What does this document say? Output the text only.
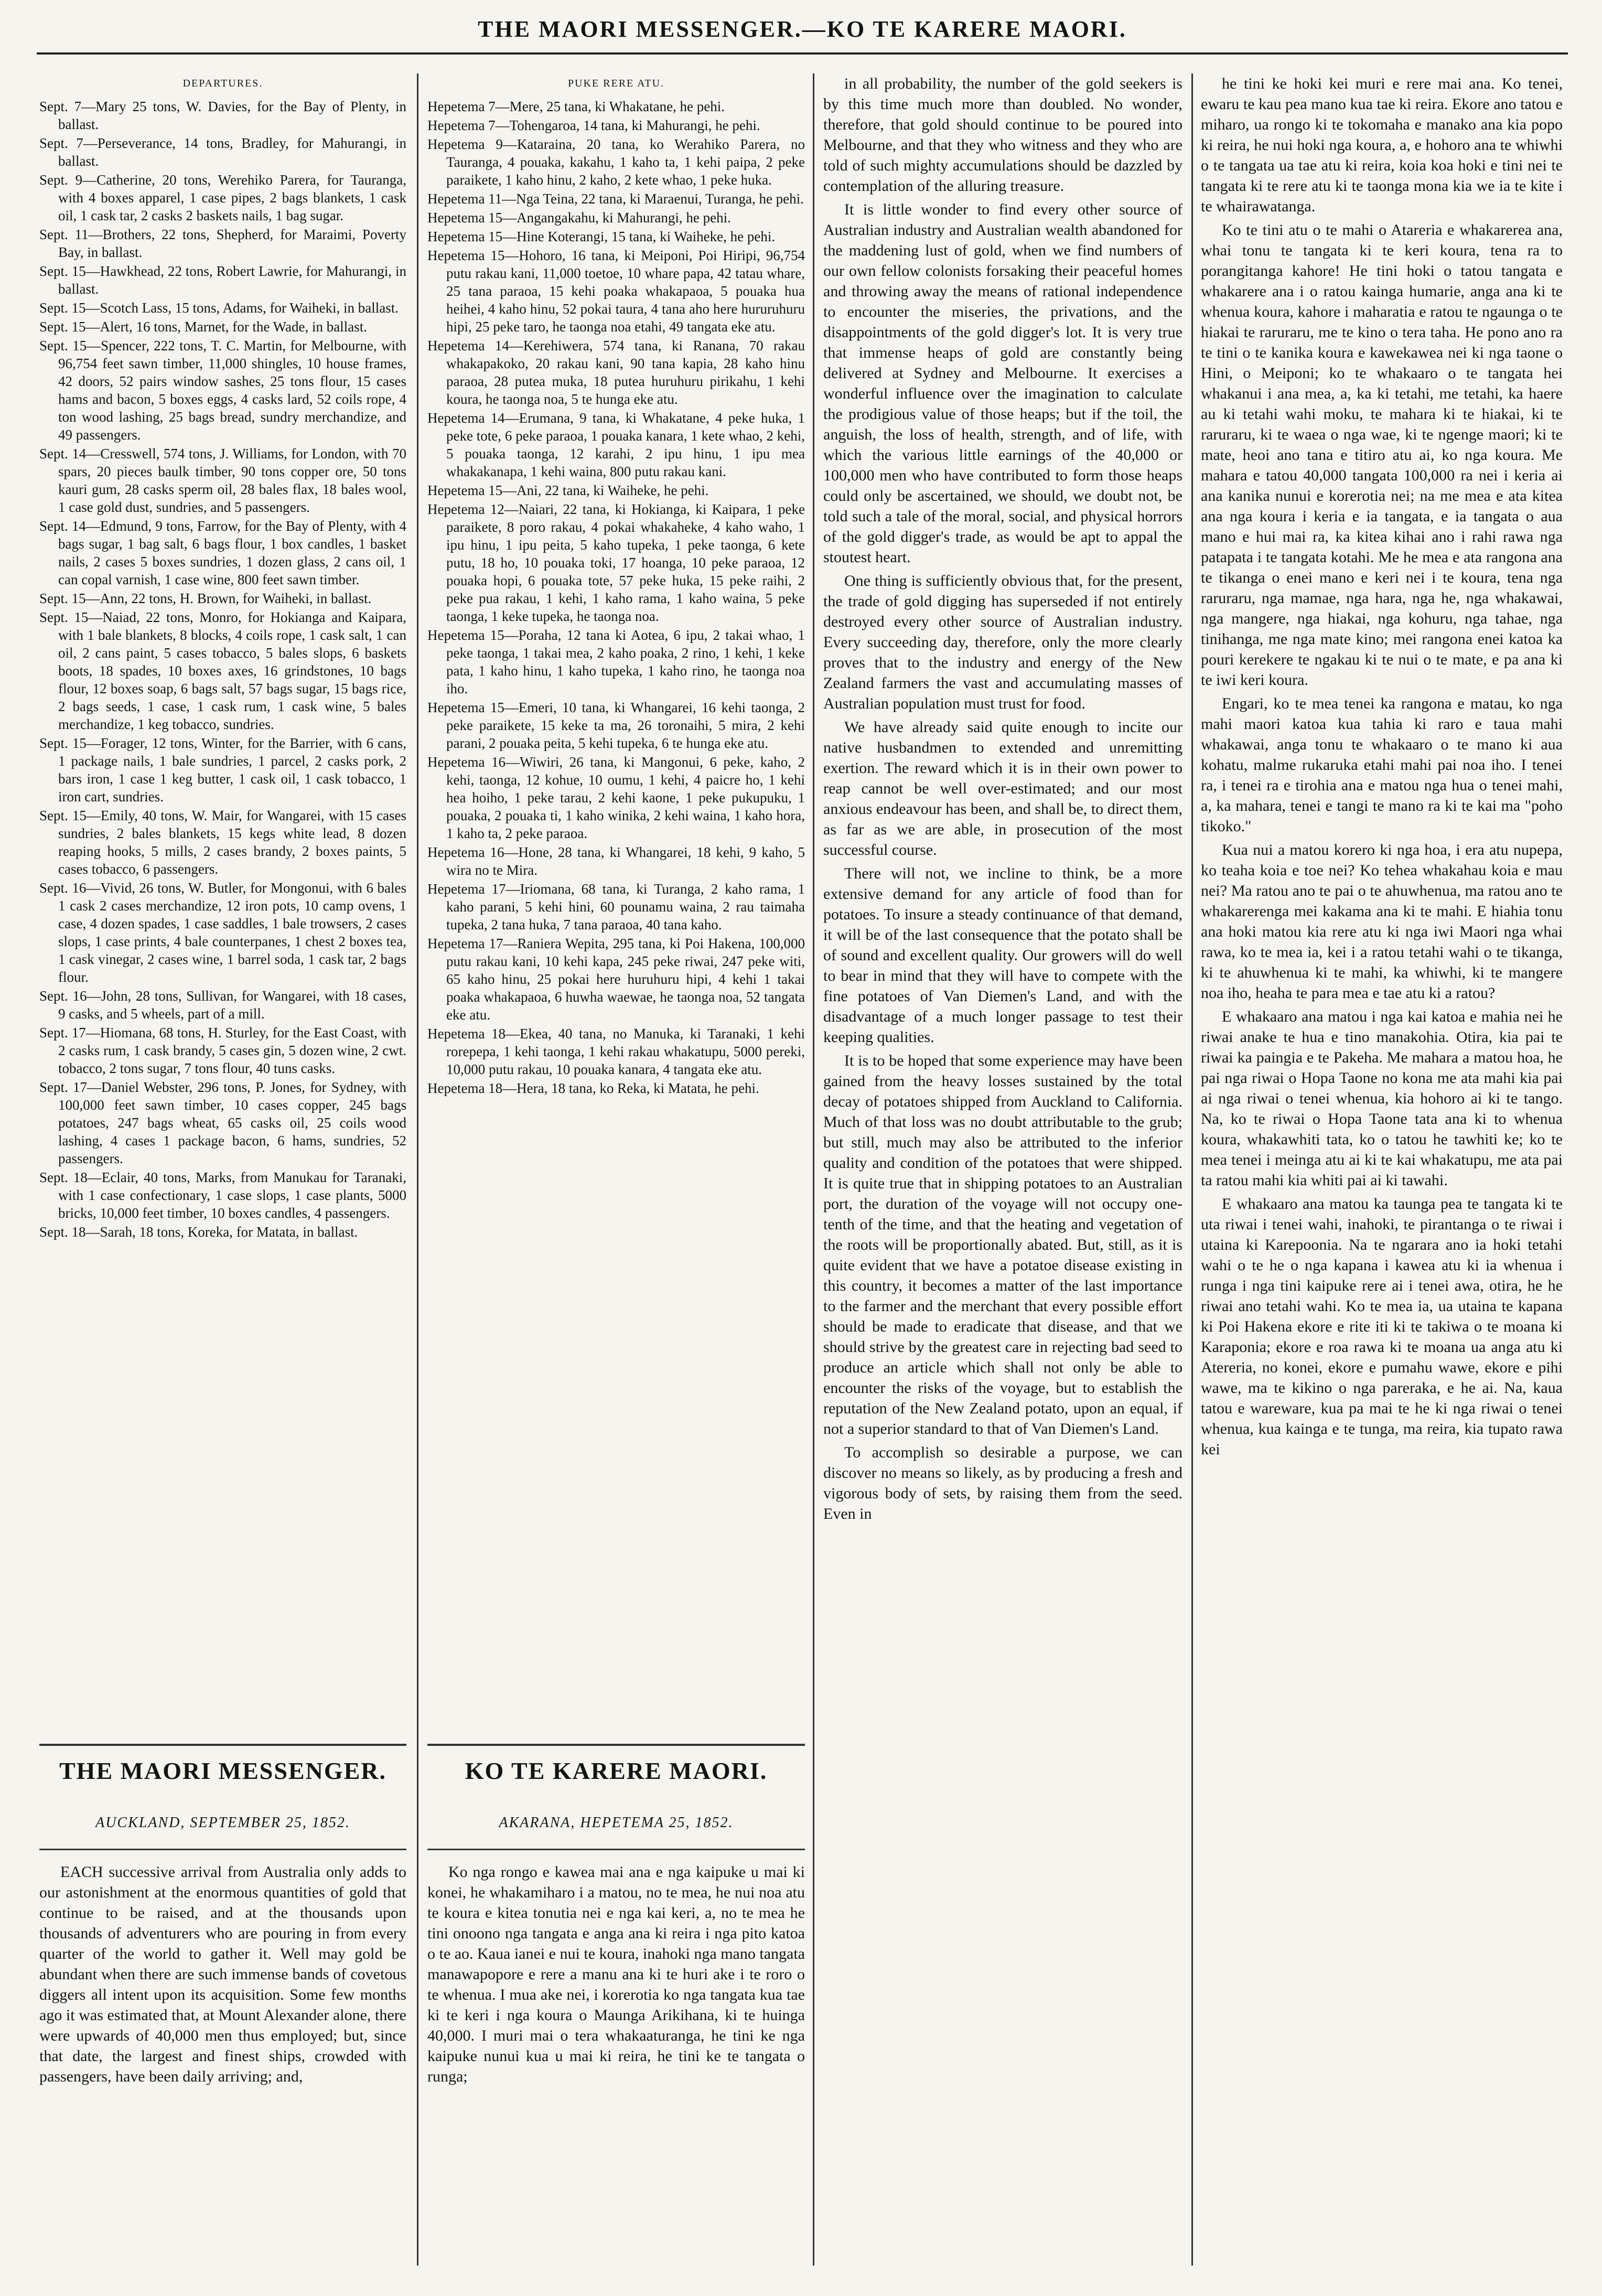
THE MAORI MESSENGER.—KO TE KARERE MAORI.
DEPARTURES.
Sept. 7—Mary 25 tons, W. Davies, for the Bay of Plenty, in ballast.
Sept. 7—Perseverance, 14 tons, Bradley, for Mahurangi, in ballast.
Sept. 9—Catherine, 20 tons, Werehiko Parera, for Tauranga, with 4 boxes apparel, 1 case pipes, 2 bags blankets, 1 cask oil, 1 cask tar, 2 casks 2 baskets nails, 1 bag sugar.
Sept. 11—Brothers, 22 tons, Shepherd, for Maraimi, Poverty Bay, in ballast.
Sept. 15—Hawkhead, 22 tons, Robert Lawrie, for Mahurangi, in ballast.
Sept. 15—Scotch Lass, 15 tons, Adams, for Waiheki, in ballast.
Sept. 15—Alert, 16 tons, Marnet, for the Wade, in ballast.
Sept. 15—Spencer, 222 tons, T. C. Martin, for Melbourne, with 96,754 feet sawn timber, 11,000 shingles, 10 house frames, 42 doors, 52 pairs window sashes, 25 tons flour, 15 cases hams and bacon, 5 boxes eggs, 4 casks lard, 52 coils rope, 4 ton wood lashing, 25 bags bread, sundry merchandize, and 49 passengers.
Sept. 14—Cresswell, 574 tons, J. Williams, for London, with 70 spars, 20 pieces baulk timber, 90 tons copper ore, 50 tons kauri gum, 28 casks sperm oil, 28 bales flax, 18 bales wool, 1 case gold dust, sundries, and 5 passengers.
Sept. 14—Edmund, 9 tons, Farrow, for the Bay of Plenty, with 4 bags sugar, 1 bag salt, 6 bags flour, 1 box candles, 1 basket nails, 2 cases 5 boxes sundries, 1 dozen glass, 2 cans oil, 1 can copal varnish, 1 case wine, 800 feet sawn timber.
Sept. 15—Ann, 22 tons, H. Brown, for Waiheki, in ballast.
Sept. 15—Naiad, 22 tons, Monro, for Hokianga and Kaipara, with 1 bale blankets, 8 blocks, 4 coils rope, 1 cask salt, 1 can oil, 2 cans paint, 5 cases tobacco, 5 bales slops, 6 baskets boots, 18 spades, 10 boxes axes, 16 grindstones, 10 bags flour, 12 boxes soap, 6 bags salt, 57 bags sugar, 15 bags rice, 2 bags seeds, 1 case, 1 cask rum, 1 cask wine, 5 bales merchandize, 1 keg tobacco, sundries.
Sept. 15—Forager, 12 tons, Winter, for the Barrier, with 6 cans, 1 package nails, 1 bale sundries, 1 parcel, 2 casks pork, 2 bars iron, 1 case 1 keg butter, 1 cask oil, 1 cask tobacco, 1 iron cart, sundries.
Sept. 15—Emily, 40 tons, W. Mair, for Wangarei, with 15 cases sundries, 2 bales blankets, 15 kegs white lead, 8 dozen reaping hooks, 5 mills, 2 cases brandy, 2 boxes paints, 5 cases tobacco, 6 passengers.
Sept. 16—Vivid, 26 tons, W. Butler, for Mongonui, with 6 bales 1 cask 2 cases merchandize, 12 iron pots, 10 camp ovens, 1 case, 4 dozen spades, 1 case saddles, 1 bale trowsers, 2 cases slops, 1 case prints, 4 bale counterpanes, 1 chest 2 boxes tea, 1 cask vinegar, 2 cases wine, 1 barrel soda, 1 cask tar, 2 bags flour.
Sept. 16—John, 28 tons, Sullivan, for Wangarei, with 18 cases, 9 casks, and 5 wheels, part of a mill.
Sept. 17—Hiomana, 68 tons, H. Sturley, for the East Coast, with 2 casks rum, 1 cask brandy, 5 cases gin, 5 dozen wine, 2 cwt. tobacco, 2 tons sugar, 7 tons flour, 40 tuns casks.
Sept. 17—Daniel Webster, 296 tons, P. Jones, for Sydney, with 100,000 feet sawn timber, 10 cases copper, 245 bags potatoes, 247 bags wheat, 65 casks oil, 25 coils wood lashing, 4 cases 1 package bacon, 6 hams, sundries, 52 passengers.
Sept. 18—Eclair, 40 tons, Marks, from Manukau for Taranaki, with 1 case confectionary, 1 case slops, 1 case plants, 5000 bricks, 10,000 feet timber, 10 boxes candles, 4 passengers.
Sept. 18—Sarah, 18 tons, Koreka, for Matata, in ballast.
PUKE RERE ATU.
Hepetema 7—Mere, 25 tana, ki Whakatane, he pehi.
Hepetema 7—Tohengaroa, 14 tana, ki Mahurangi, he pehi.
Hepetema 9—Kataraina, 20 tana, ko Werahiko Parera, no Tauranga, 4 pouaka, kakahu, 1 kaho ta, 1 kehi paipa, 2 peke paraikete, 1 kaho hinu, 2 kaho, 2 kete whao, 1 peke huka.
Hepetema 11—Nga Teina, 22 tana, ki Maraenui, Turanga, he pehi.
Hepetema 15—Angangakahu, ki Mahurangi, he pehi.
Hepetema 15—Hine Koterangi, 15 tana, ki Waiheke, he pehi.
Hepetema 15—Hohoro, 16 tana, ki Meiponi, Poi Hiripi, 96,754 putu rakau kani, 11,000 toetoe, 10 whare papa, 42 tatau whare, 25 tana paraoa, 15 kehi poaka whakapaoa, 5 pouaka hua heihei, 4 kaho hinu, 52 pokai taura, 4 tana aho here hururuhuru hipi, 25 peke taro, he taonga noa etahi, 49 tangata eke atu.
Hepetema 14—Kerehiwera, 574 tana, ki Ranana, 70 rakau whakapakoko, 20 rakau kani, 90 tana kapia, 28 kaho hinu paraoa, 28 putea muka, 18 putea huruhuru pirikahu, 1 kehi koura, he taonga noa, 5 te hunga eke atu.
Hepetema 14—Erumana, 9 tana, ki Whakatane, 4 peke huka, 1 peke tote, 6 peke paraoa, 1 pouaka kanara, 1 kete whao, 2 kehi, 5 pouaka taonga, 12 karahi, 2 ipu hinu, 1 ipu mea whakakanapa, 1 kehi waina, 800 putu rakau kani.
Hepetema 15—Ani, 22 tana, ki Waiheke, he pehi.
Hepetema 12—Naiari, 22 tana, ki Hokianga, ki Kaipara, 1 peke paraikete, 8 poro rakau, 4 pokai whakaheke, 4 kaho waho, 1 ipu hinu, 1 ipu peita, 5 kaho tupeka, 1 peke taonga, 6 kete putu, 18 ho, 10 pouaka toki, 17 hoanga, 10 peke paraoa, 12 pouaka hopi, 6 pouaka tote, 57 peke huka, 15 peke raihi, 2 peke pua rakau, 1 kehi, 1 kaho rama, 1 kaho waina, 5 peke taonga, 1 keke tupeka, he taonga noa.
Hepetema 15—Poraha, 12 tana ki Aotea, 6 ipu, 2 takai whao, 1 peke taonga, 1 takai mea, 2 kaho poaka, 2 rino, 1 kehi, 1 keke pata, 1 kaho hinu, 1 kaho tupeka, 1 kaho rino, he taonga noa iho.
Hepetema 15—Emeri, 10 tana, ki Whangarei, 16 kehi taonga, 2 peke paraikete, 15 keke ta ma, 26 toronaihi, 5 mira, 2 kehi parani, 2 pouaka peita, 5 kehi tupeka, 6 te hunga eke atu.
Hepetema 16—Wiwiri, 26 tana, ki Mangonui, 6 peke, kaho, 2 kehi, taonga, 12 kohuе, 10 oumu, 1 kehi, 4 paicre ho, 1 kehi hea hoiho, 1 peke tarau, 2 kehi kaone, 1 peke pukupuku, 1 pouaka, 2 pouaka ti, 1 kaho winika, 2 kehi waina, 1 kaho hora, 1 kaho ta, 2 peke paraoa.
Hepetema 16—Hone, 28 tana, ki Whangarei, 18 kehi, 9 kaho, 5 wira no te Mira.
Hepetema 17—Iriomana, 68 tana, ki Turanga, 2 kaho rama, 1 kaho parani, 5 kehi hini, 60 pounamu waina, 2 rau taimaha tupeka, 2 tana huka, 7 tana paraoa, 40 tana kaho.
Hepetema 17—Raniera Wepita, 295 tana, ki Poi Hakena, 100,000 putu rakau kani, 10 kehi kapa, 245 peke riwai, 247 peke witi, 65 kaho hinu, 25 pokai here huruhuru hipi, 4 kehi 1 takai poaka whakapaoa, 6 huwha waewae, he taonga noa, 52 tangata eke atu.
Hepetema 18—Ekea, 40 tana, no Manuka, ki Taranaki, 1 kehi rorepepa, 1 kehi taonga, 1 kehi rakau whakatupu, 5000 pereki, 10,000 putu rakau, 10 pouaka kanara, 4 tangata eke atu.
Hepetema 18—Hera, 18 tana, ko Reka, ki Matata, he pehi.
THE MAORI MESSENGER.
AUCKLAND, SEPTEMBER 25, 1852.
KO TE KARERE MAORI.
AKARANA, HEPETEMA 25, 1852.

EACH successive arrival from Australia only adds to our astonishment at the enormous quantities of gold that continue to be raised, and at the thousands upon thousands of adventurers who are pouring in from every quarter of the world to gather it. Well may gold be abundant when there are such immense bands of covetous diggers all intent upon its acquisition. Some few months ago it was estimated that, at Mount Alexander alone, there were upwards of 40,000 men thus employed; but, since that date, the largest and finest ships, crowded with passengers, have been daily arriving; and,

Ko nga rongo e kawea mai ana e nga kaipuke u mai ki konei, he whakamiharo i a matou, no te mea, he nui noa atu te koura e kitea tonutia nei e nga kai keri, a, no te mea he tini onoono nga tangata e anga ana ki reira i nga pito katoa o te ao. Kaua ianei e nui te koura, inahoki nga mano tangata manawapopore e rere a manu ana ki te huri ake i te roro o te whenua. I mua ake nei, i korerotia ko nga tangata kua tae ki te keri i nga koura o Maunga Arikihana, ki te huinga 40,000. I muri mai o tera whakaaturanga, he tini ke nga kaipuke nunui kua u mai ki reira, he tini ke te tangata o runga;

in all probability, the number of the gold seekers is by this time much more than doubled. No wonder, therefore, that gold should continue to be poured into Melbourne, and that they who witness and they who are told of such mighty accumulations should be dazzled by contemplation of the alluring treasure.

It is little wonder to find every other source of Australian industry and Australian wealth abandoned for the maddening lust of gold, when we find numbers of our own fellow colonists forsaking their peaceful homes and throwing away the means of rational independence to encounter the miseries, the privations, and the disappointments of the gold digger's lot. It is very true that immense heaps of gold are constantly being delivered at Sydney and Melbourne. It exercises a wonderful influence over the imagination to calculate the prodigious value of those heaps; but if the toil, the anguish, the loss of health, strength, and of life, with which the various little earnings of the 40,000 or 100,000 men who have contributed to form those heaps could only be ascertained, we should, we doubt not, be told such a tale of the moral, social, and physical horrors of the gold digger's trade, as would be apt to appal the stoutest heart.

One thing is sufficiently obvious that, for the present, the trade of gold digging has superseded if not entirely destroyed every other source of Australian industry. Every succeeding day, therefore, only the more clearly proves that to the industry and energy of the New Zealand farmers the vast and accumulating masses of Australian population must trust for food.

We have already said quite enough to incite our native husbandmen to extended and unremitting exertion. The reward which it is in their own power to reap cannot be well over-estimated; and our most anxious endeavour has been, and shall be, to direct them, as far as we are able, in prosecution of the most successful course.

There will not, we incline to think, be a more extensive demand for any article of food than for potatoes. To insure a steady continuance of that demand, it will be of the last consequence that the potato shall be of sound and excellent quality. Our growers will do well to bear in mind that they will have to compete with the fine potatoes of Van Diemen's Land, and with the disadvantage of a much longer passage to test their keeping qualities.

It is to be hoped that some experience may have been gained from the heavy losses sustained by the total decay of potatoes shipped from Auckland to California. Much of that loss was no doubt attributable to the grub; but still, much may also be attributed to the inferior quality and condition of the potatoes that were shipped. It is quite true that in shipping potatoes to an Australian port, the duration of the voyage will not occupy one-tenth of the time, and that the heating and vegetation of the roots will be proportionally abated. But, still, as it is quite evident that we have a potatoe disease existing in this country, it becomes a matter of the last importance to the farmer and the merchant that every possible effort should be made to eradicate that disease, and that we should strive by the greatest care in rejecting bad seed to produce an article which shall not only be able to encounter the risks of the voyage, but to establish the reputation of the New Zealand potato, upon an equal, if not a superior standard to that of Van Diemen's Land.

To accomplish so desirable a purpose, we can discover no means so likely, as by producing a fresh and vigorous body of sets, by raising them from the seed. Even in

he tini ke hoki kei muri e rere mai ana. Ko tenei, ewaru te kau pea mano kua tae ki reira. Ekore ano tatou e miharo, ua rongo ki te tokomaha e manako ana kia popo ki reira, he nui hoki nga koura, a, e hohoro ana te whiwhi o te tangata ua tae atu ki reira, koia koa hoki e tini nei te tangata ki te rere atu ki te taonga mona kia we ia te kite i te whairawatanga.

Ko te tini atu o te mahi o Atareria e whakarerea ana, whai tonu te tangata ki te keri koura, tena ra to porangitanga kahore! He tini hoki o tatou tangata e whakarere ana i o ratou kainga humarie, anga ana ki te whenua koura, kahore i maharatia e ratou te ngaunga o te hiakai te raruraru, me te kino o tera taha. He pono ano ra te tini o te kanika koura e kawekawea nei ki nga taone o Hini, o Meiponi; ko te whakaaro o te tangata hei whakanui i ana mea, a, ka ki tetahi, me tetahi, ka haere au ki tetahi wahi moku, te mahara ki te hiakai, ki te raruraru, ki te waea o nga wae, ki te ngenge maori; ki te mate, heoi ano tana e titiro atu ai, ko nga koura. Me mahara e tatou 40,000 tangata 100,000 ra nei i keria ai ana kanika nunui e korerotia nei; na me mea e ata kitea ana nga koura i keria e ia tangata, e ia tangata o aua mano e hui mai ra, ka kitea kihai ano i rahi rawa nga patapata i te tangata kotahi. Me he mea e ata rangona ana te tikanga o enei mano e keri nei i te koura, tena nga raruraru, nga mamae, nga hara, nga he, nga whakawai, nga mangere, nga hiakai, nga kohuru, nga tahae, nga tinihanga, me nga mate kino; mei rangona enei katoa ka pouri kerekere te ngakau ki te nui o te mate, e pa ana ki te iwi keri koura.

Engari, ko te mea tenei ka rangona e matau, ko nga mahi maori katoa kua tahia ki raro e taua mahi whakawai, anga tonu te whakaaro o te mano ki aua kohatu, malme rukaruka etahi mahi pai noa iho. I tenei ra, i tenei ra e tirohia ana e matou nga hua o tenei mahi, a, ka mahara, tenei e tangi te mano ra ki te kai ma "poho tikoko."

Kua nui a matou korero ki nga hoa, i era atu nupepa, ko teaha koia e toe nei? Ko tehea whakahau koia e mau nei? Ma ratou ano te pai o te ahuwhenua, ma ratou ano te whakarerenga mei kakama ana ki te mahi. E hiahia tonu ana hoki matou kia rere atu ki nga iwi Maori nga whai rawa, ko te mea ia, kei i a ratou tetahi wahi o te tikanga, ki te ahuwhenua ki te mahi, ka whiwhi, ki te mangere noa iho, heaha te para mea e tae atu ki a ratou?

E whakaaro ana matou i nga kai katoa e mahia nei he riwai anake te hua e tino manakohia. Otira, kia pai te riwai ka paingia e te Pakeha. Me mahara a matou hoa, he pai nga riwai o Hopa Taone no kona me ata mahi kia pai ai nga riwai o tenei whenua, kia hohoro ai ki te tango. Na, ko te riwai o Hopa Taone tata ana ki to whenua koura, whakawhiti tata, ko o tatou he tawhiti ke; ko te mea tenei i meinga atu ai ki te kai whakatupu, me ata pai ta ratou mahi kia whiti pai ai ki tawahi.

E whakaaro ana matou ka taunga pea te tangata ki te uta riwai i tenei wahi, inahoki, te pirantanga o te riwai i utaina ki Karepoonia. Na te ngarara ano ia hoki tetahi wahi o te he o nga kapana i kawea atu ki ia whenua i runga i nga tini kaipuke rere ai i tenei awa, otira, he he riwai ano tetahi wahi. Ko te mea ia, ua utaina te kapana ki Poi Hakena ekore e rite iti ki te takiwa o te moana ki Karaponia; ekore e roa rawa ki te moana ua anga atu ki Atereria, no konei, ekore e pumahu wawe, ekore e pihi wawe, ma te kikino o nga pareraka, e he ai. Na, kaua tatou e warewarе, kua pa mai te he ki nga riwai o tenei whenua, kua kainga e te tunga, ma reira, kia tupato rawa kei
